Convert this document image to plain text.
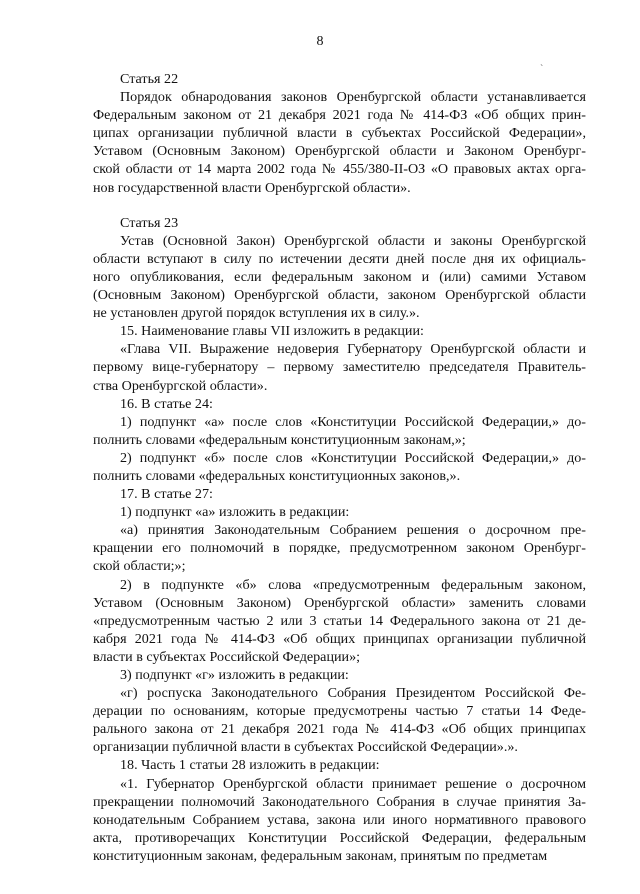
8
`
Статья 22
Порядок обнародования законов Оренбургской области устанавливается
Федеральным законом от 21 декабря 2021 года № 414-ФЗ «Об общих прин-
ципах организации публичной власти в субъектах Российской Федерации»,
Уставом (Основным Законом) Оренбургской области и Законом Оренбург-
ской области от 14 марта 2002 года № 455/380-II-ОЗ «О правовых актах орга-
нов государственной власти Оренбургской области».
Статья 23
Устав (Основной Закон) Оренбургской области и законы Оренбургской
области вступают в силу по истечении десяти дней после дня их официаль-
ного опубликования, если федеральным законом и (или) самими Уставом
(Основным Законом) Оренбургской области, законом Оренбургской области
не установлен другой порядок вступления их в силу.».
15. Наименование главы VII изложить в редакции:
«Глава VII. Выражение недоверия Губернатору Оренбургской области и
первому вице-губернатору – первому заместителю председателя Правитель-
ства Оренбургской области».
16. В статье 24:
1) подпункт «а» после слов «Конституции Российской Федерации,» до-
полнить словами «федеральным конституционным законам,»;
2) подпункт «б» после слов «Конституции Российской Федерации,» до-
полнить словами «федеральных конституционных законов,».
17. В статье 27:
1) подпункт «а» изложить в редакции:
«а) принятия Законодательным Собранием решения о досрочном пре-
кращении его полномочий в порядке, предусмотренном законом Оренбург-
ской области;»;
2) в подпункте «б» слова «предусмотренным федеральным законом,
Уставом (Основным Законом) Оренбургской области» заменить словами
«предусмотренным частью 2 или 3 статьи 14 Федерального закона от 21 де-
кабря 2021 года № 414-ФЗ «Об общих принципах организации публичной
власти в субъектах Российской Федерации»;
3) подпункт «г» изложить в редакции:
«г) роспуска Законодательного Собрания Президентом Российской Фе-
дерации по основаниям, которые предусмотрены частью 7 статьи 14 Феде-
рального закона от 21 декабря 2021 года № 414-ФЗ «Об общих принципах
организации публичной власти в субъектах Российской Федерации».».
18. Часть 1 статьи 28 изложить в редакции:
«1. Губернатор Оренбургской области принимает решение о досрочном
прекращении полномочий Законодательного Собрания в случае принятия За-
конодательным Собранием устава, закона или иного нормативного правового
акта, противоречащих Конституции Российской Федерации, федеральным
конституционным законам, федеральным законам, принятым по предметам
